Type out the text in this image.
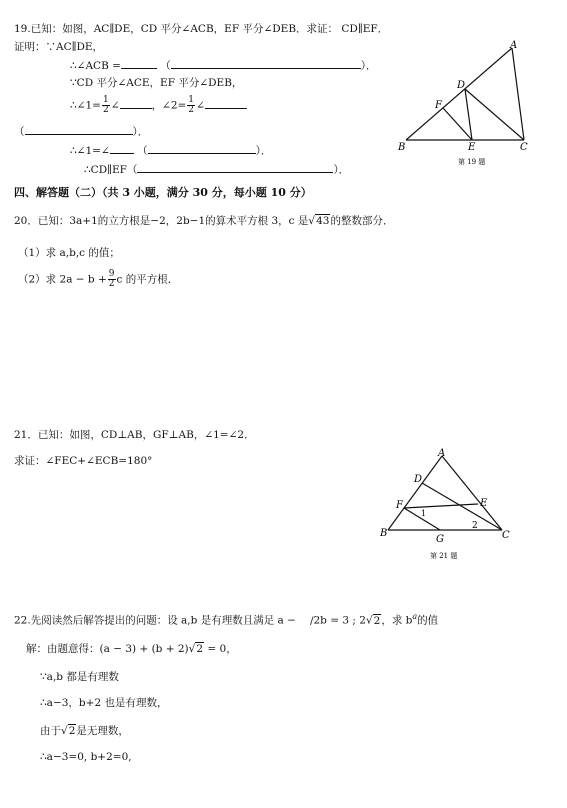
19.已知：如图，AC∥DE，CD 平分∠ACB，EF 平分∠DEB．求证： CD∥EF．
证明：∵AC∥DE，
∴∠ACB =	（	）．
∵CD 平分∠ACE，EF 平分∠DEB，
∴∠1= $\frac{1}{2}$ ∠	，∠2= $\frac{1}{2}$ ∠
（	）．
∴∠1=∠	（	）．
∴CD∥EF（	）．
A
B	C
D
E
F
第 19 题
四、解答题（二）（共 3 小题，满分 30 分，每小题 10 分）
20．已知：3a+1的立方根是−2，2b−1的算术平方根 3，c 是√43的整数部分．
（1）求 a,b,c 的值；
（2）求 $2a - b + \frac{9}{2}$ c 的平方根．
21．已知：如图，CD⊥AB，GF⊥AB，∠1=∠2．
求证：∠FEC+∠ECB=180°
A
B	C
D
E
F
G
1
2
第 21 题
22.先阅读然后解答提出的问题：设 a,b 是有理数且满足 a − /2b = 3 ; 2√2，求 $b^a$的值
解：由题意得：(a − 3) + (b + 2)√2 = 0，
∵a,b 都是有理数
∴a−3，b+2 也是有理数，
由于√2是无理数，
∴a−3=0, b+2=0,
